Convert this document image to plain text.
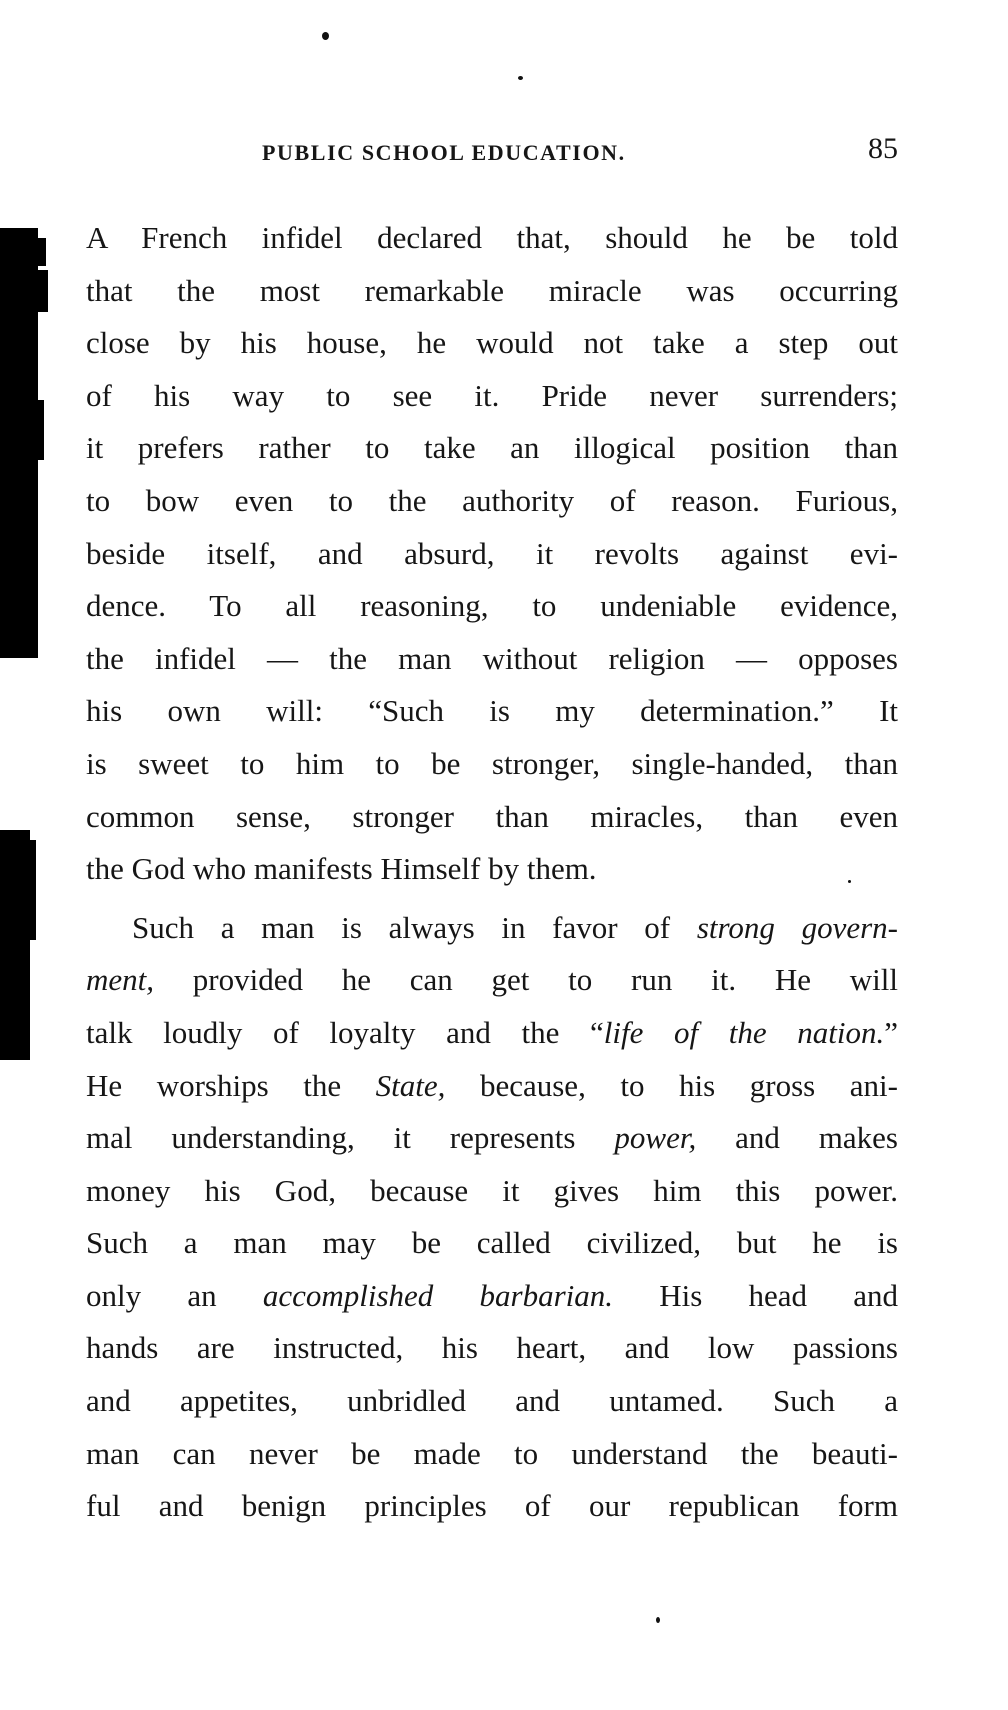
PUBLIC SCHOOL EDUCATION.	85
A French infidel declared that, should he be told
that the most remarkable miracle was occurring
close by his house, he would not take a step out
of his way to see it. Pride never surrenders;
it prefers rather to take an illogical position than
to bow even to the authority of reason. Furious,
beside itself, and absurd, it revolts against evi-
dence. To all reasoning, to undeniable evidence,
the infidel — the man without religion — opposes
his own will: “Such is my determination.” It
is sweet to him to be stronger, single-handed, than
common sense, stronger than miracles, than even
the God who manifests Himself by them.
Such a man is always in favor of strong govern-
ment, provided he can get to run it. He will
talk loudly of loyalty and the “life of the nation.”
He worships the State, because, to his gross ani-
mal understanding, it represents power, and makes
money his God, because it gives him this power.
Such a man may be called civilized, but he is
only an accomplished barbarian. His head and
hands are instructed, his heart, and low passions
and appetites, unbridled and untamed. Such a
man can never be made to understand the beauti-
ful and benign principles of our republican form
